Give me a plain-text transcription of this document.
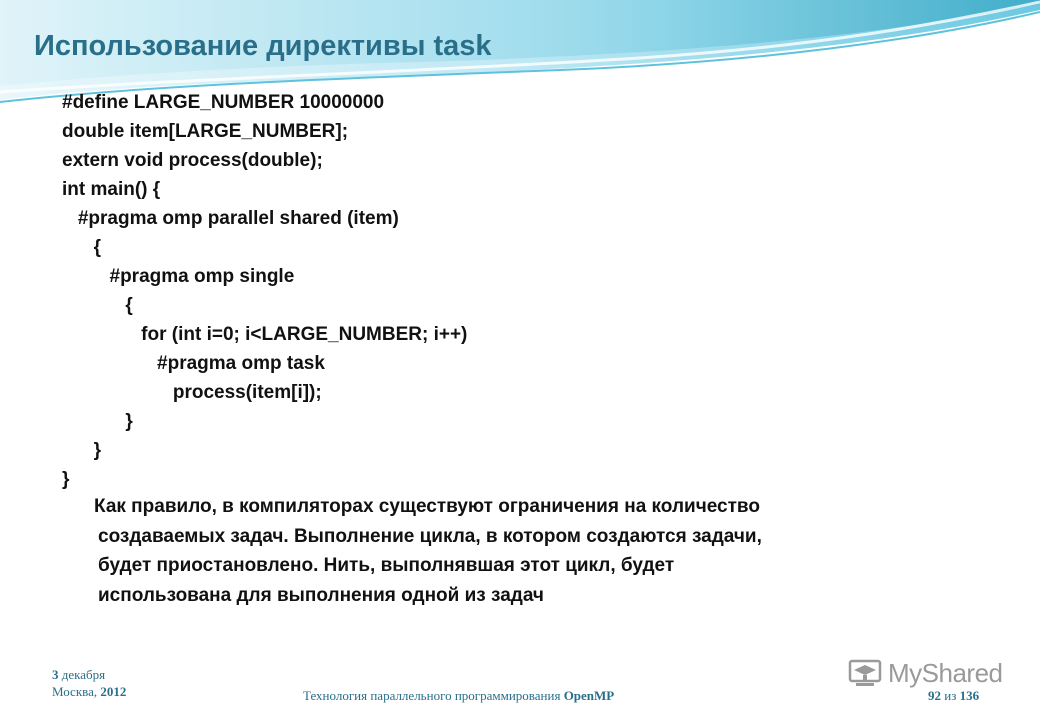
Использование директивы task
#define LARGE_NUMBER 10000000
double item[LARGE_NUMBER];
extern void process(double);
int main() {
#pragma omp parallel shared (item)
{
#pragma omp single
{
for (int i=0; i<LARGE_NUMBER; i++)
#pragma omp task
process(item[i]);
}
}
}
Как правило, в компиляторах существуют ограничения на количество
создаваемых задач. Выполнение цикла, в котором создаются задачи,
будет приостановлено. Нить, выполнявшая этот цикл, будет
использована для выполнения одной из задач
3 декабря
Москва, 2012	Технология параллельного программирования OpenMP	92 из 136
MyShared
